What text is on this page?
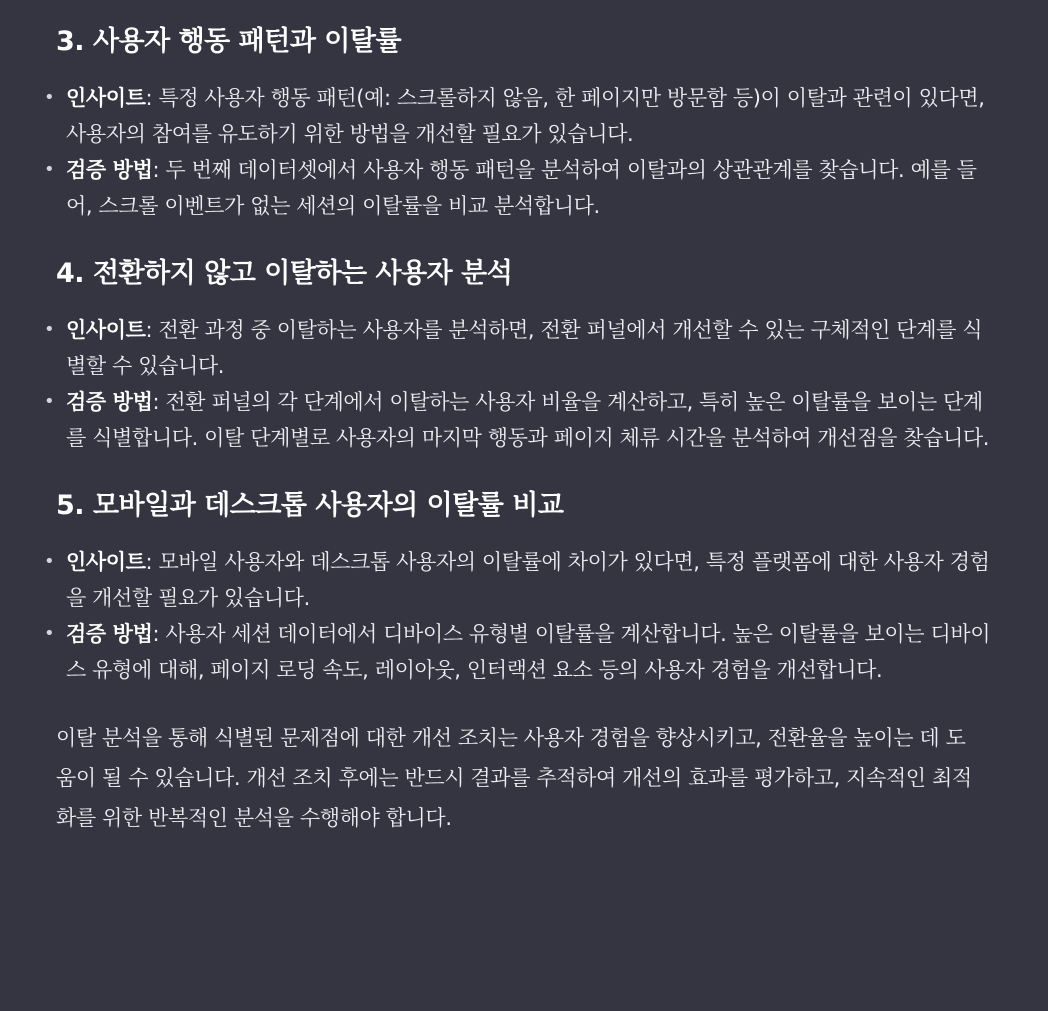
3. 사용자 행동 패턴과 이탈률
• 인사이트: 특정 사용자 행동 패턴(예: 스크롤하지 않음, 한 페이지만 방문함 등)이 이탈과 관련이 있다면, 사용자의 참여를 유도하기 위한 방법을 개선할 필요가 있습니다.
• 검증 방법: 두 번째 데이터셋에서 사용자 행동 패턴을 분석하여 이탈과의 상관관계를 찾습니다. 예를 들어, 스크롤 이벤트가 없는 세션의 이탈률을 비교 분석합니다.
4. 전환하지 않고 이탈하는 사용자 분석
• 인사이트: 전환 과정 중 이탈하는 사용자를 분석하면, 전환 퍼널에서 개선할 수 있는 구체적인 단계를 식별할 수 있습니다.
• 검증 방법: 전환 퍼널의 각 단계에서 이탈하는 사용자 비율을 계산하고, 특히 높은 이탈률을 보이는 단계를 식별합니다. 이탈 단계별로 사용자의 마지막 행동과 페이지 체류 시간을 분석하여 개선점을 찾습니다.
5. 모바일과 데스크톱 사용자의 이탈률 비교
• 인사이트: 모바일 사용자와 데스크톱 사용자의 이탈률에 차이가 있다면, 특정 플랫폼에 대한 사용자 경험을 개선할 필요가 있습니다.
• 검증 방법: 사용자 세션 데이터에서 디바이스 유형별 이탈률을 계산합니다. 높은 이탈률을 보이는 디바이스 유형에 대해, 페이지 로딩 속도, 레이아웃, 인터랙션 요소 등의 사용자 경험을 개선합니다.

이탈 분석을 통해 식별된 문제점에 대한 개선 조치는 사용자 경험을 향상시키고, 전환율을 높이는 데 도움이 될 수 있습니다. 개선 조치 후에는 반드시 결과를 추적하여 개선의 효과를 평가하고, 지속적인 최적화를 위한 반복적인 분석을 수행해야 합니다.
